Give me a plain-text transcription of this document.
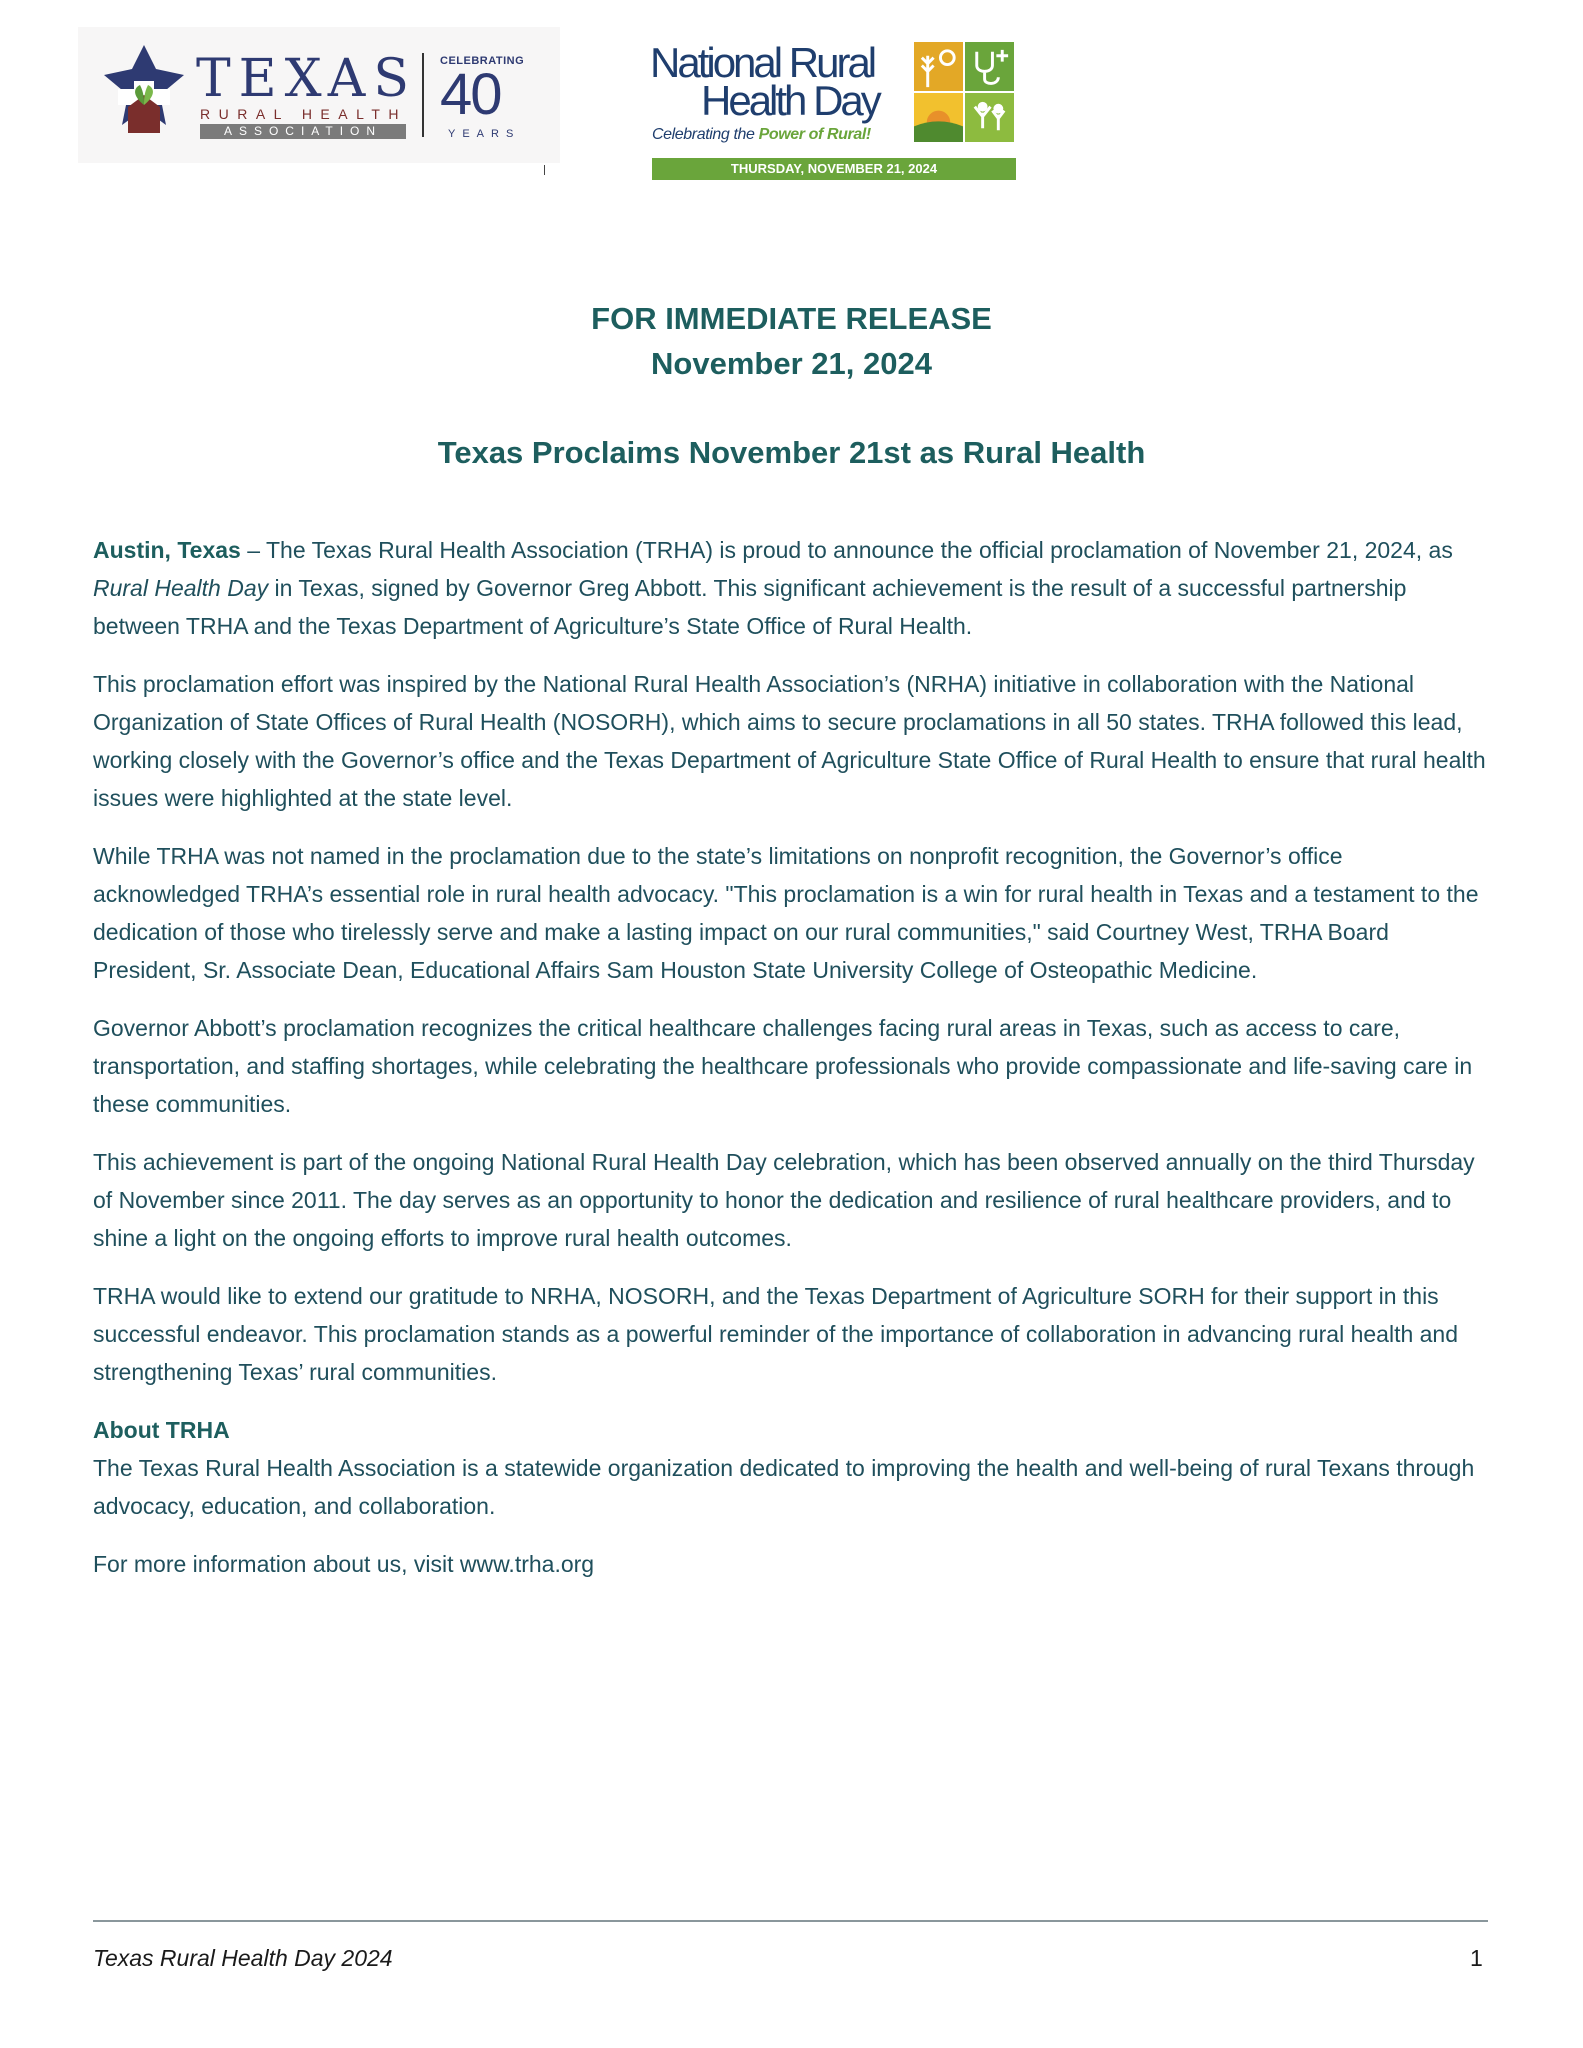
TEXAS
RURAL HEALTH
ASSOCIATION
CELEBRATING
40
YEARS
National Rural
Health Day
Celebrating the Power of Rural!
THURSDAY, NOVEMBER 21, 2024
FOR IMMEDIATE RELEASE
November 21, 2024
Texas Proclaims November 21st as Rural Health

Austin, Texas – The Texas Rural Health Association (TRHA) is proud to announce the official proclamation of November 21, 2024, as Rural Health Day in Texas, signed by Governor Greg Abbott. This significant achievement is the result of a successful partnership between TRHA and the Texas Department of Agriculture’s State Office of Rural Health.

This proclamation effort was inspired by the National Rural Health Association’s (NRHA) initiative in collaboration with the National Organization of State Offices of Rural Health (NOSORH), which aims to secure proclamations in all 50 states. TRHA followed this lead, working closely with the Governor’s office and the Texas Department of Agriculture State Office of Rural Health to ensure that rural health issues were highlighted at the state level.

While TRHA was not named in the proclamation due to the state’s limitations on nonprofit recognition, the Governor’s office acknowledged TRHA’s essential role in rural health advocacy. "This proclamation is a win for rural health in Texas and a testament to the dedication of those who tirelessly serve and make a lasting impact on our rural communities," said Courtney West, TRHA Board President, Sr. Associate Dean, Educational Affairs Sam Houston State University College of Osteopathic Medicine.

Governor Abbott’s proclamation recognizes the critical healthcare challenges facing rural areas in Texas, such as access to care, transportation, and staffing shortages, while celebrating the healthcare professionals who provide compassionate and life-saving care in these communities.

This achievement is part of the ongoing National Rural Health Day celebration, which has been observed annually on the third Thursday of November since 2011. The day serves as an opportunity to honor the dedication and resilience of rural healthcare providers, and to shine a light on the ongoing efforts to improve rural health outcomes.

TRHA would like to extend our gratitude to NRHA, NOSORH, and the Texas Department of Agriculture SORH for their support in this successful endeavor. This proclamation stands as a powerful reminder of the importance of collaboration in advancing rural health and strengthening Texas’ rural communities.

About TRHA

The Texas Rural Health Association is a statewide organization dedicated to improving the health and well-being of rural Texans through advocacy, education, and collaboration.

For more information about us, visit www.trha.org

Texas Rural Health Day 2024	1
